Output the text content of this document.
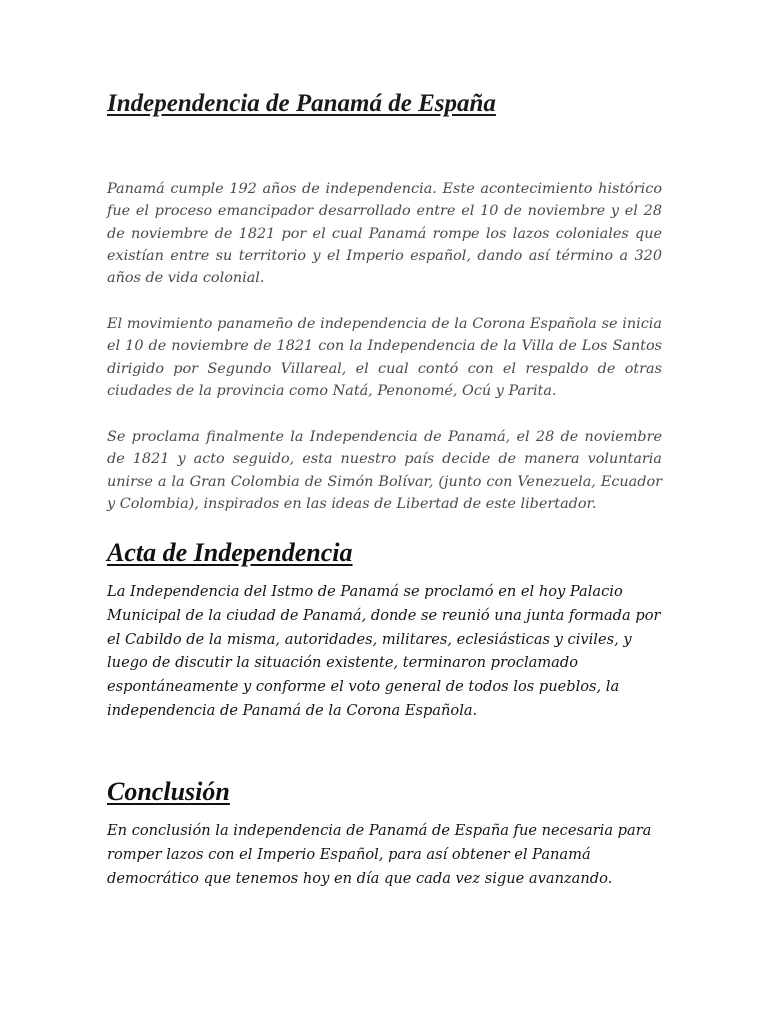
Independencia de Panamá de España

Panamá cumple 192 años de independencia. Este acontecimiento histórico fue el proceso emancipador desarrollado entre el 10 de noviembre y el 28 de noviembre de 1821 por el cual Panamá rompe los lazos coloniales que existían entre su territorio y el Imperio español, dando así término a 320 años de vida colonial.

El movimiento panameño de independencia de la Corona Española se inicia el 10 de noviembre de 1821 con la Independencia de la Villa de Los Santos dirigido por Segundo Villareal, el cual contó con el respaldo de otras ciudades de la provincia como Natá, Penonomé, Ocú y Parita.

Se proclama finalmente la Independencia de Panamá, el 28 de noviembre de 1821 y acto seguido, esta nuestro país decide de manera voluntaria unirse a la Gran Colombia de Simón Bolívar, (junto con Venezuela, Ecuador y Colombia), inspirados en las ideas de Libertad de este libertador.

Acta de Independencia

La Independencia del Istmo de Panamá se proclamó en el hoy Palacio Municipal de la ciudad de Panamá, donde se reunió una junta formada por el Cabildo de la misma, autoridades, militares, eclesiásticas y civiles, y luego de discutir la situación existente, terminaron proclamado espontáneamente y conforme el voto general de todos los pueblos, la independencia de Panamá de la Corona Española.

Conclusión

En conclusión la independencia de Panamá de España fue necesaria para romper lazos con el Imperio Español, para así obtener el Panamá democrático que tenemos hoy en día que cada vez sigue avanzando.
